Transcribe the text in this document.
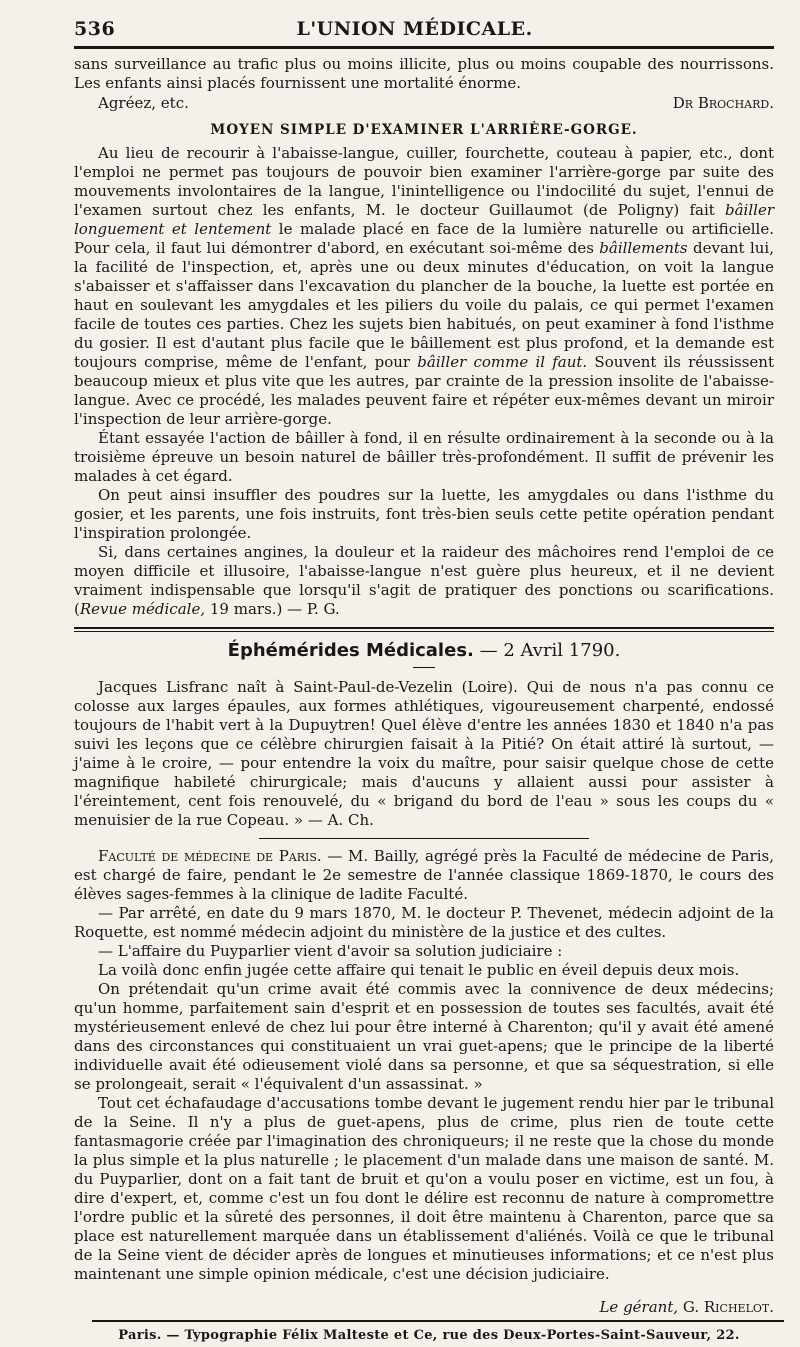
536	L'UNION MÉDICALE.

sans surveillance au trafic plus ou moins illicite, plus ou moins coupable des nourrissons. Les enfants ainsi placés fournissent une mortalité énorme.

Agréez, etc.	Dr Brochard.
MOYEN SIMPLE D'EXAMINER L'ARRIÈRE-GORGE.

Au lieu de recourir à l'abaisse-langue, cuiller, fourchette, couteau à papier, etc., dont l'emploi ne permet pas toujours de pouvoir bien examiner l'arrière-gorge par suite des mouvements involontaires de la langue, l'inintelligence ou l'indocilité du sujet, l'ennui de l'examen surtout chez les enfants, M. le docteur Guillaumot (de Poligny) fait bâiller longuement et lentement le malade placé en face de la lumière naturelle ou artificielle. Pour cela, il faut lui démontrer d'abord, en exécutant soi-même des bâillements devant lui, la facilité de l'inspection, et, après une ou deux minutes d'éducation, on voit la langue s'abaisser et s'affaisser dans l'excavation du plancher de la bouche, la luette est portée en haut en soulevant les amygdales et les piliers du voile du palais, ce qui permet l'examen facile de toutes ces parties. Chez les sujets bien habitués, on peut examiner à fond l'isthme du gosier. Il est d'autant plus facile que le bâillement est plus profond, et la demande est toujours comprise, même de l'enfant, pour bâiller comme il faut. Souvent ils réussissent beaucoup mieux et plus vite que les autres, par crainte de la pression insolite de l'abaisse-langue. Avec ce procédé, les malades peuvent faire et répéter eux-mêmes devant un miroir l'inspection de leur arrière-gorge.

Étant essayée l'action de bâiller à fond, il en résulte ordinairement à la seconde ou à la troisième épreuve un besoin naturel de bâiller très-profondément. Il suffit de prévenir les malades à cet égard.

On peut ainsi insuffler des poudres sur la luette, les amygdales ou dans l'isthme du gosier, et les parents, une fois instruits, font très-bien seuls cette petite opération pendant l'inspiration prolongée.

Si, dans certaines angines, la douleur et la raideur des mâchoires rend l'emploi de ce moyen difficile et illusoire, l'abaisse-langue n'est guère plus heureux, et il ne devient vraiment indispensable que lorsqu'il s'agit de pratiquer des ponctions ou scarifications. (Revue médicale, 19 mars.) — P. G.

Éphémérides Médicales. — 2 Avril 1790.

Jacques Lisfranc naît à Saint-Paul-de-Vezelin (Loire). Qui de nous n'a pas connu ce colosse aux larges épaules, aux formes athlétiques, vigoureusement charpenté, endossé toujours de l'habit vert à la Dupuytren! Quel élève d'entre les années 1830 et 1840 n'a pas suivi les leçons que ce célèbre chirurgien faisait à la Pitié? On était attiré là surtout, — j'aime à le croire, — pour entendre la voix du maître, pour saisir quelque chose de cette magnifique habileté chirurgicale; mais d'aucuns y allaient aussi pour assister à l'éreintement, cent fois renouvelé, du « brigand du bord de l'eau » sous les coups du « menuisier de la rue Copeau. » — A. Ch.

Faculté de médecine de Paris. — M. Bailly, agrégé près la Faculté de médecine de Paris, est chargé de faire, pendant le 2e semestre de l'année classique 1869-1870, le cours des élèves sages-femmes à la clinique de ladite Faculté.

— Par arrêté, en date du 9 mars 1870, M. le docteur P. Thevenet, médecin adjoint de la Roquette, est nommé médecin adjoint du ministère de la justice et des cultes.

— L'affaire du Puyparlier vient d'avoir sa solution judiciaire :

La voilà donc enfin jugée cette affaire qui tenait le public en éveil depuis deux mois.

On prétendait qu'un crime avait été commis avec la connivence de deux médecins; qu'un homme, parfaitement sain d'esprit et en possession de toutes ses facultés, avait été mystérieusement enlevé de chez lui pour être interné à Charenton; qu'il y avait été amené dans des circonstances qui constituaient un vrai guet-apens; que le principe de la liberté individuelle avait été odieusement violé dans sa personne, et que sa séquestration, si elle se prolongeait, serait « l'équivalent d'un assassinat. »

Tout cet échafaudage d'accusations tombe devant le jugement rendu hier par le tribunal de la Seine. Il n'y a plus de guet-apens, plus de crime, plus rien de toute cette fantasmagorie créée par l'imagination des chroniqueurs; il ne reste que la chose du monde la plus simple et la plus naturelle ; le placement d'un malade dans une maison de santé. M. du Puyparlier, dont on a fait tant de bruit et qu'on a voulu poser en victime, est un fou, à dire d'expert, et, comme c'est un fou dont le délire est reconnu de nature à compromettre l'ordre public et la sûreté des personnes, il doit être maintenu à Charenton, parce que sa place est naturellement marquée dans un établissement d'aliénés. Voilà ce que le tribunal de la Seine vient de décider après de longues et minutieuses informations; et ce n'est plus maintenant une simple opinion médicale, c'est une décision judiciaire.

Le gérant, G. Richelot.
Paris. — Typographie Félix Malteste et Ce, rue des Deux-Portes-Saint-Sauveur, 22.
